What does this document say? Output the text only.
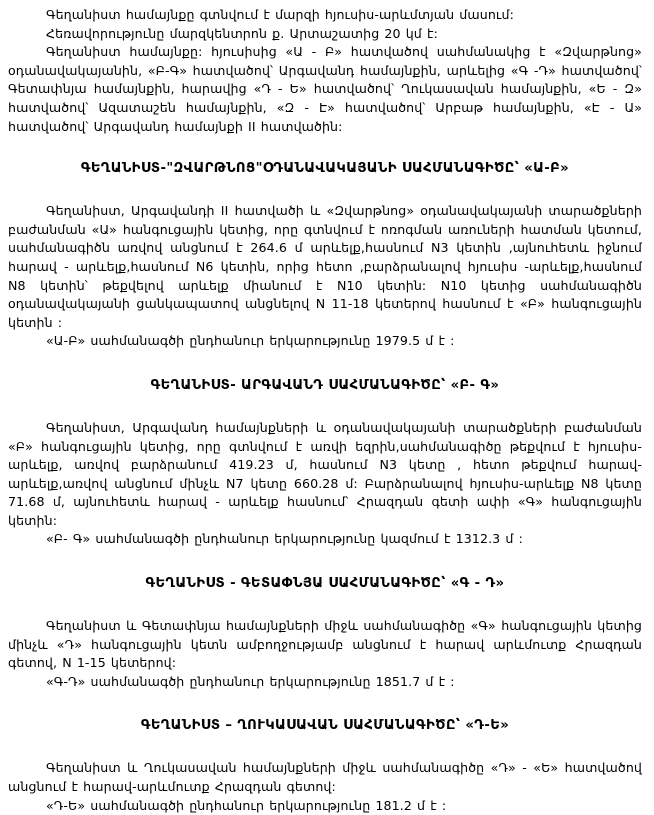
Գեղանիստ համայնքը գտնվում է մարզի հյուսիս-արևմտյան մասում:

Հեռավորությունը մարզկենտրոն ք. Արտաշատից 20 կմ է:

Գեղանիստ համայնքը: հյուսիսից «Ա - Բ» հատվածով սահմանակից է «Զվարթնոց» օդանավակայանին, «Բ-Գ» հատվածով՝ Արգավանդ համայնքին, արևելից «Գ -Դ» հատվածով՝ Գետափնյա համայնքին, հարավից «Դ - Ե» հատվածով՝ Ղուկասավան համայնքին, «Ե - Զ» հատվածով՝ Ազատաշեն համայնքին, «Զ - Է» հատվածով՝ Արբաթ համայնքին, «Է - Ա» հատվածով՝ Արգավանդ համայնքի II հատվածին:

ԳԵՂԱՆԻՍՏ-"ԶՎԱՐԹՆՈՑ"ՕԴԱՆԱՎԱԿԱՅԱՆԻ ՍԱՀՄԱՆԱԳԻԾԸ՝ «Ա-Բ»

Գեղանիստ, Արգավանդի II հատվածի և «Զվարթնոց» օդանավակայանի տարածքների բաժանման «Ա» հանգուցային կետից, որը գտնվում է ոռոգման առուների հատման կետում, սահմանագիծն առվով անցնում է 264.6 մ արևելք,հասնում N3 կետին ,այնուհետև իջնում հարավ - արևելք,հասնում N6 կետին, որից հետո ,բարձրանալով հյուսիս -արևելք,հասնում N8 կետին՝ թեքվելով արևելք միանում է N10 կետին: N10 կետից սահմանագիծն օդանավակայանի ցանկապատով անցնելով N 11-18 կետերով հասնում է «Բ» հանգուցային կետին :

«Ա-Բ» սահմանագծի ընդհանուր երկարությունը 1979.5 մ է :

ԳԵՂԱՆԻՍՏ- ԱՐԳԱՎԱՆԴ ՍԱՀՄԱՆԱԳԻԾԸ՝ «Բ- Գ»

Գեղանիստ, Արգավանդ համայնքների և օդանավակայանի տարածքների բաժանման «Բ» հանգուցային կետից, որը գտնվում է առվի եզրին,սահմանագիծը թեքվում է հյուսիս- արևելք, առվով բարձրանում 419.23 մ, հասնում N3 կետը , հետո թեքվում հարավ-արևելք,առվով անցնում մինչև N7 կետը 660.28 մ: Բարձրանալով հյուսիս-արևելք N8 կետը 71.68 մ, այնուհետև հարավ - արևելք հասնում՝ Հրազդան գետի ափի «Գ» հանգուցային կետին:

«Բ- Գ» սահմանագծի ընդհանուր երկարությունը կազմում է 1312.3 մ :

ԳԵՂԱՆԻՍՏ - ԳԵՏԱՓՆՅԱ ՍԱՀՄԱՆԱԳԻԾԸ՝ «Գ - Դ»

Գեղանիստ և Գետափնյա համայնքների միջև սահմանագիծը «Գ» հանգուցային կետից մինչև «Դ» հանգուցային կետն ամբողջությամբ անցնում է հարավ արևմուտք Հրազդան գետով, N 1-15 կետերով:

«Գ-Դ» սահմանագծի ընդհանուր երկարությունը 1851.7 մ է :

ԳԵՂԱՆԻՍՏ – ՂՈՒԿԱՍԱՎԱՆ ՍԱՀՄԱՆԱԳԻԾԸ՝ «Դ-Ե»

Գեղանիստ և Ղուկասավան համայնքների միջև սահմանագիծը «Դ» - «Ե» հատվածով անցնում է հարավ-արևմուտք Հրազդան գետով:

«Դ-Ե» սահմանագծի ընդհանուր երկարությունը 181.2 մ է :
